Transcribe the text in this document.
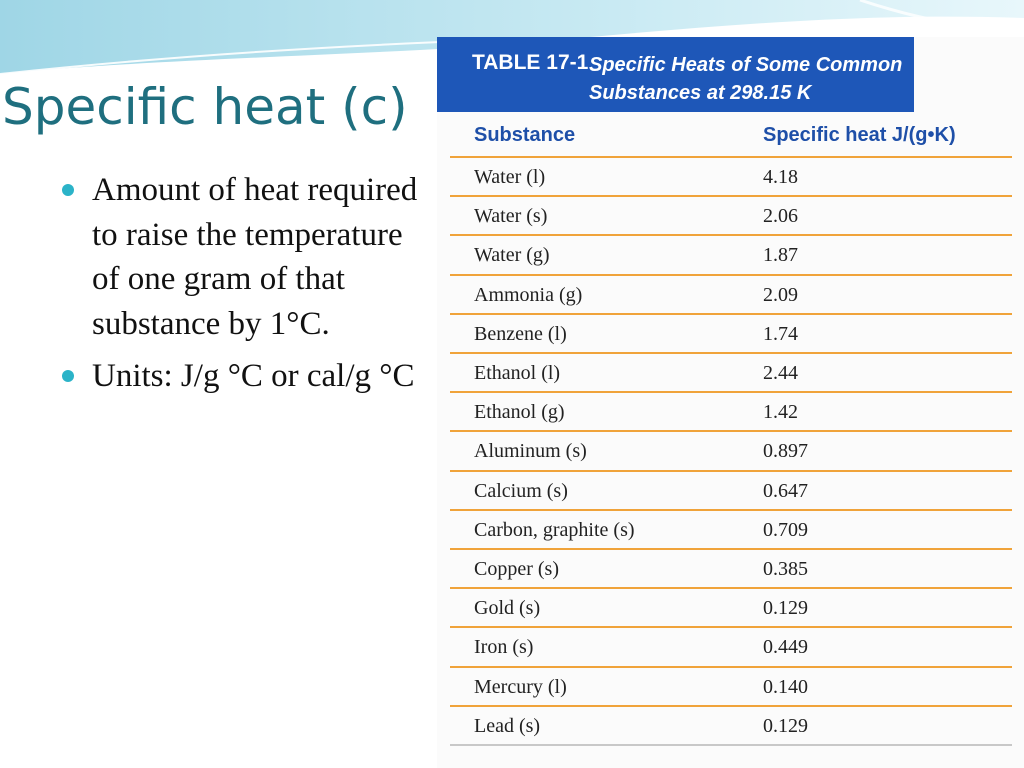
Specific heat (c)
Amount of heat required to raise the temperature of one gram of that substance by 1°C.
Units: J/g °C or cal/g °C
TABLE 17-1 Specific Heats of Some Common
Substances at 298.15 K
Substance	Specific heat J/(g•K)
Water (l)	4.18
Water (s)	2.06
Water (g)	1.87
Ammonia (g)	2.09
Benzene (l)	1.74
Ethanol (l)	2.44
Ethanol (g)	1.42
Aluminum (s)	0.897
Calcium (s)	0.647
Carbon, graphite (s)	0.709
Copper (s)	0.385
Gold (s)	0.129
Iron (s)	0.449
Mercury (l)	0.140
Lead (s)	0.129
